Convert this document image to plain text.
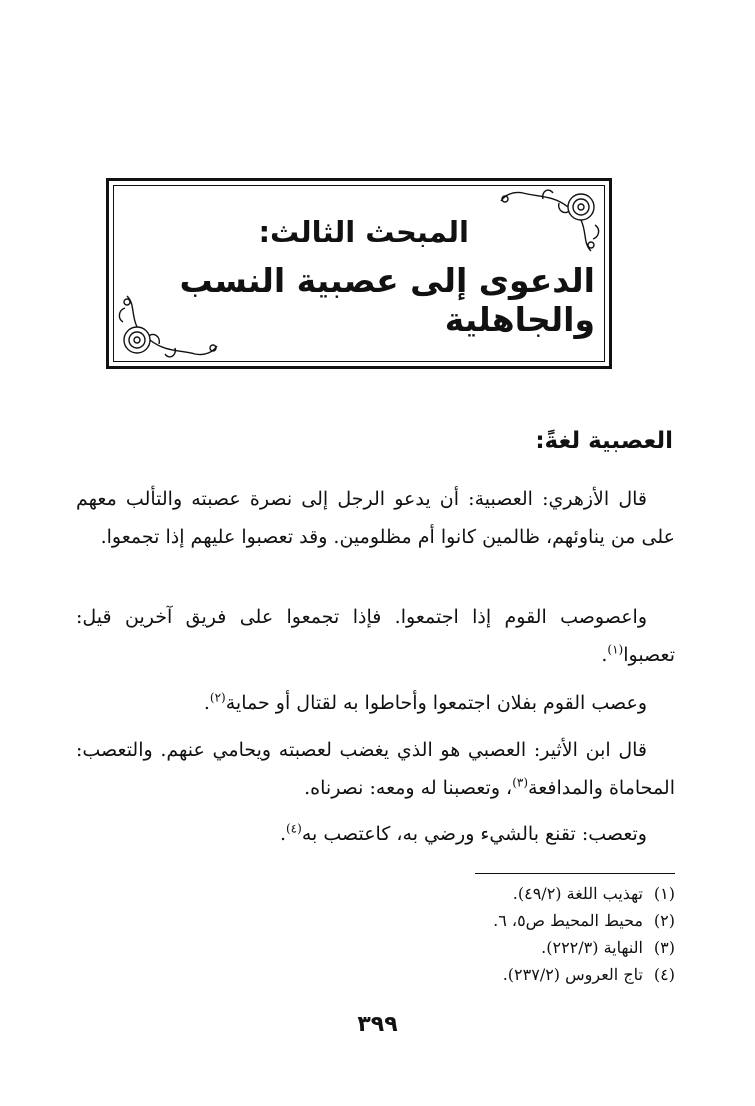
المبحث الثالث:
الدعوى إلى عصبية النسب والجاهلية
العصبية لغةً:
قال الأزهري: العصبية: أن يدعو الرجل إلى نصرة عصبته والتألب معهم على من يناوئهم، ظالمين كانوا أم مظلومين. وقد تعصبوا عليهم إذا تجمعوا.
واعصوصب القوم إذا اجتمعوا. فإذا تجمعوا على فريق آخرين قيل: تعصبوا$^{(١)}$.
وعصب القوم بفلان اجتمعوا وأحاطوا به لقتال أو حماية$^{(٢)}$.
قال ابن الأثير: العصبي هو الذي يغضب لعصبته ويحامي عنهم. والتعصب: المحاماة والمدافعة$^{(٣)}$، وتعصبنا له ومعه: نصرناه.
وتعصب: تقنع بالشيء ورضي به، كاعتصب به$^{(٤)}$.
(١)تهذيب اللغة (٤٩/٢).
(٢)محيط المحيط ص٥، ٦.
(٣)النهاية (٢٢٢/٣).
(٤)تاج العروس (٢٣٧/٢).
٣٩٩
